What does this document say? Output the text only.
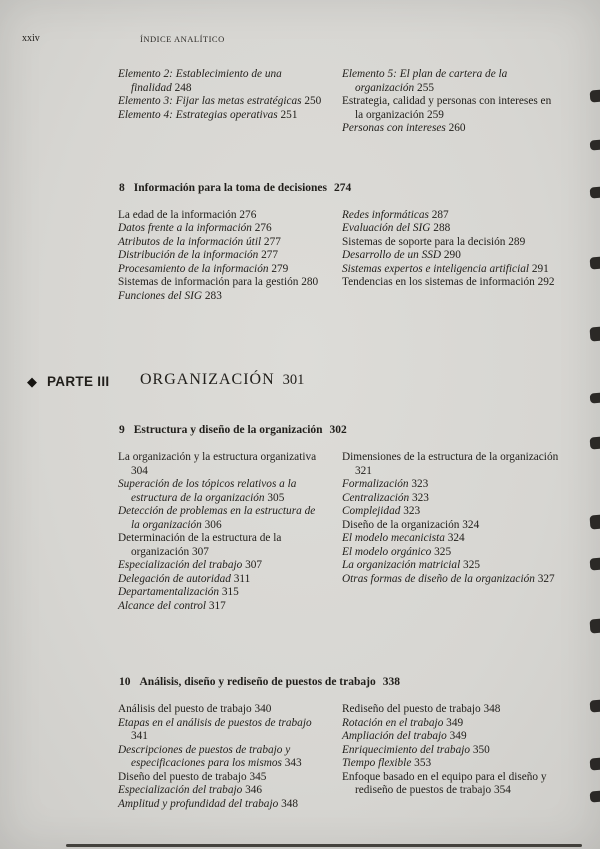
xxiv	ÍNDICE ANALÍTICO
Elemento 2: Establecimiento de una finalidad 248
Elemento 3: Fijar las metas estratégicas 250
Elemento 4: Estrategias operativas 251
Elemento 5: El plan de cartera de la organización 255
Estrategia, calidad y personas con intereses en la organización 259
Personas con intereses 260
8 Información para la toma de decisiones 274
La edad de la información 276
Datos frente a la información 276
Atributos de la información útil 277
Distribución de la información 277
Procesamiento de la información 279
Sistemas de información para la gestión 280
Funciones del SIG 283
Redes informáticas 287
Evaluación del SIG 288
Sistemas de soporte para la decisión 289
Desarrollo de un SSD 290
Sistemas expertos e inteligencia artificial 291
Tendencias en los sistemas de información 292
◆ PARTE III ORGANIZACIÓN 301
9 Estructura y diseño de la organización 302
La organización y la estructura organizativa 304
Superación de los tópicos relativos a la estructura de la organización 305
Detección de problemas en la estructura de la organización 306
Determinación de la estructura de la organización 307
Especialización del trabajo 307
Delegación de autoridad 311
Departamentalización 315
Alcance del control 317
Dimensiones de la estructura de la organización 321
Formalización 323
Centralización 323
Complejidad 323
Diseño de la organización 324
El modelo mecanicista 324
El modelo orgánico 325
La organización matricial 325
Otras formas de diseño de la organización 327
10 Análisis, diseño y rediseño de puestos de trabajo 338
Análisis del puesto de trabajo 340
Etapas en el análisis de puestos de trabajo 341
Descripciones de puestos de trabajo y especificaciones para los mismos 343
Diseño del puesto de trabajo 345
Especialización del trabajo 346
Amplitud y profundidad del trabajo 348
Rediseño del puesto de trabajo 348
Rotación en el trabajo 349
Ampliación del trabajo 349
Enriquecimiento del trabajo 350
Tiempo flexible 353
Enfoque basado en el equipo para el diseño y rediseño de puestos de trabajo 354
